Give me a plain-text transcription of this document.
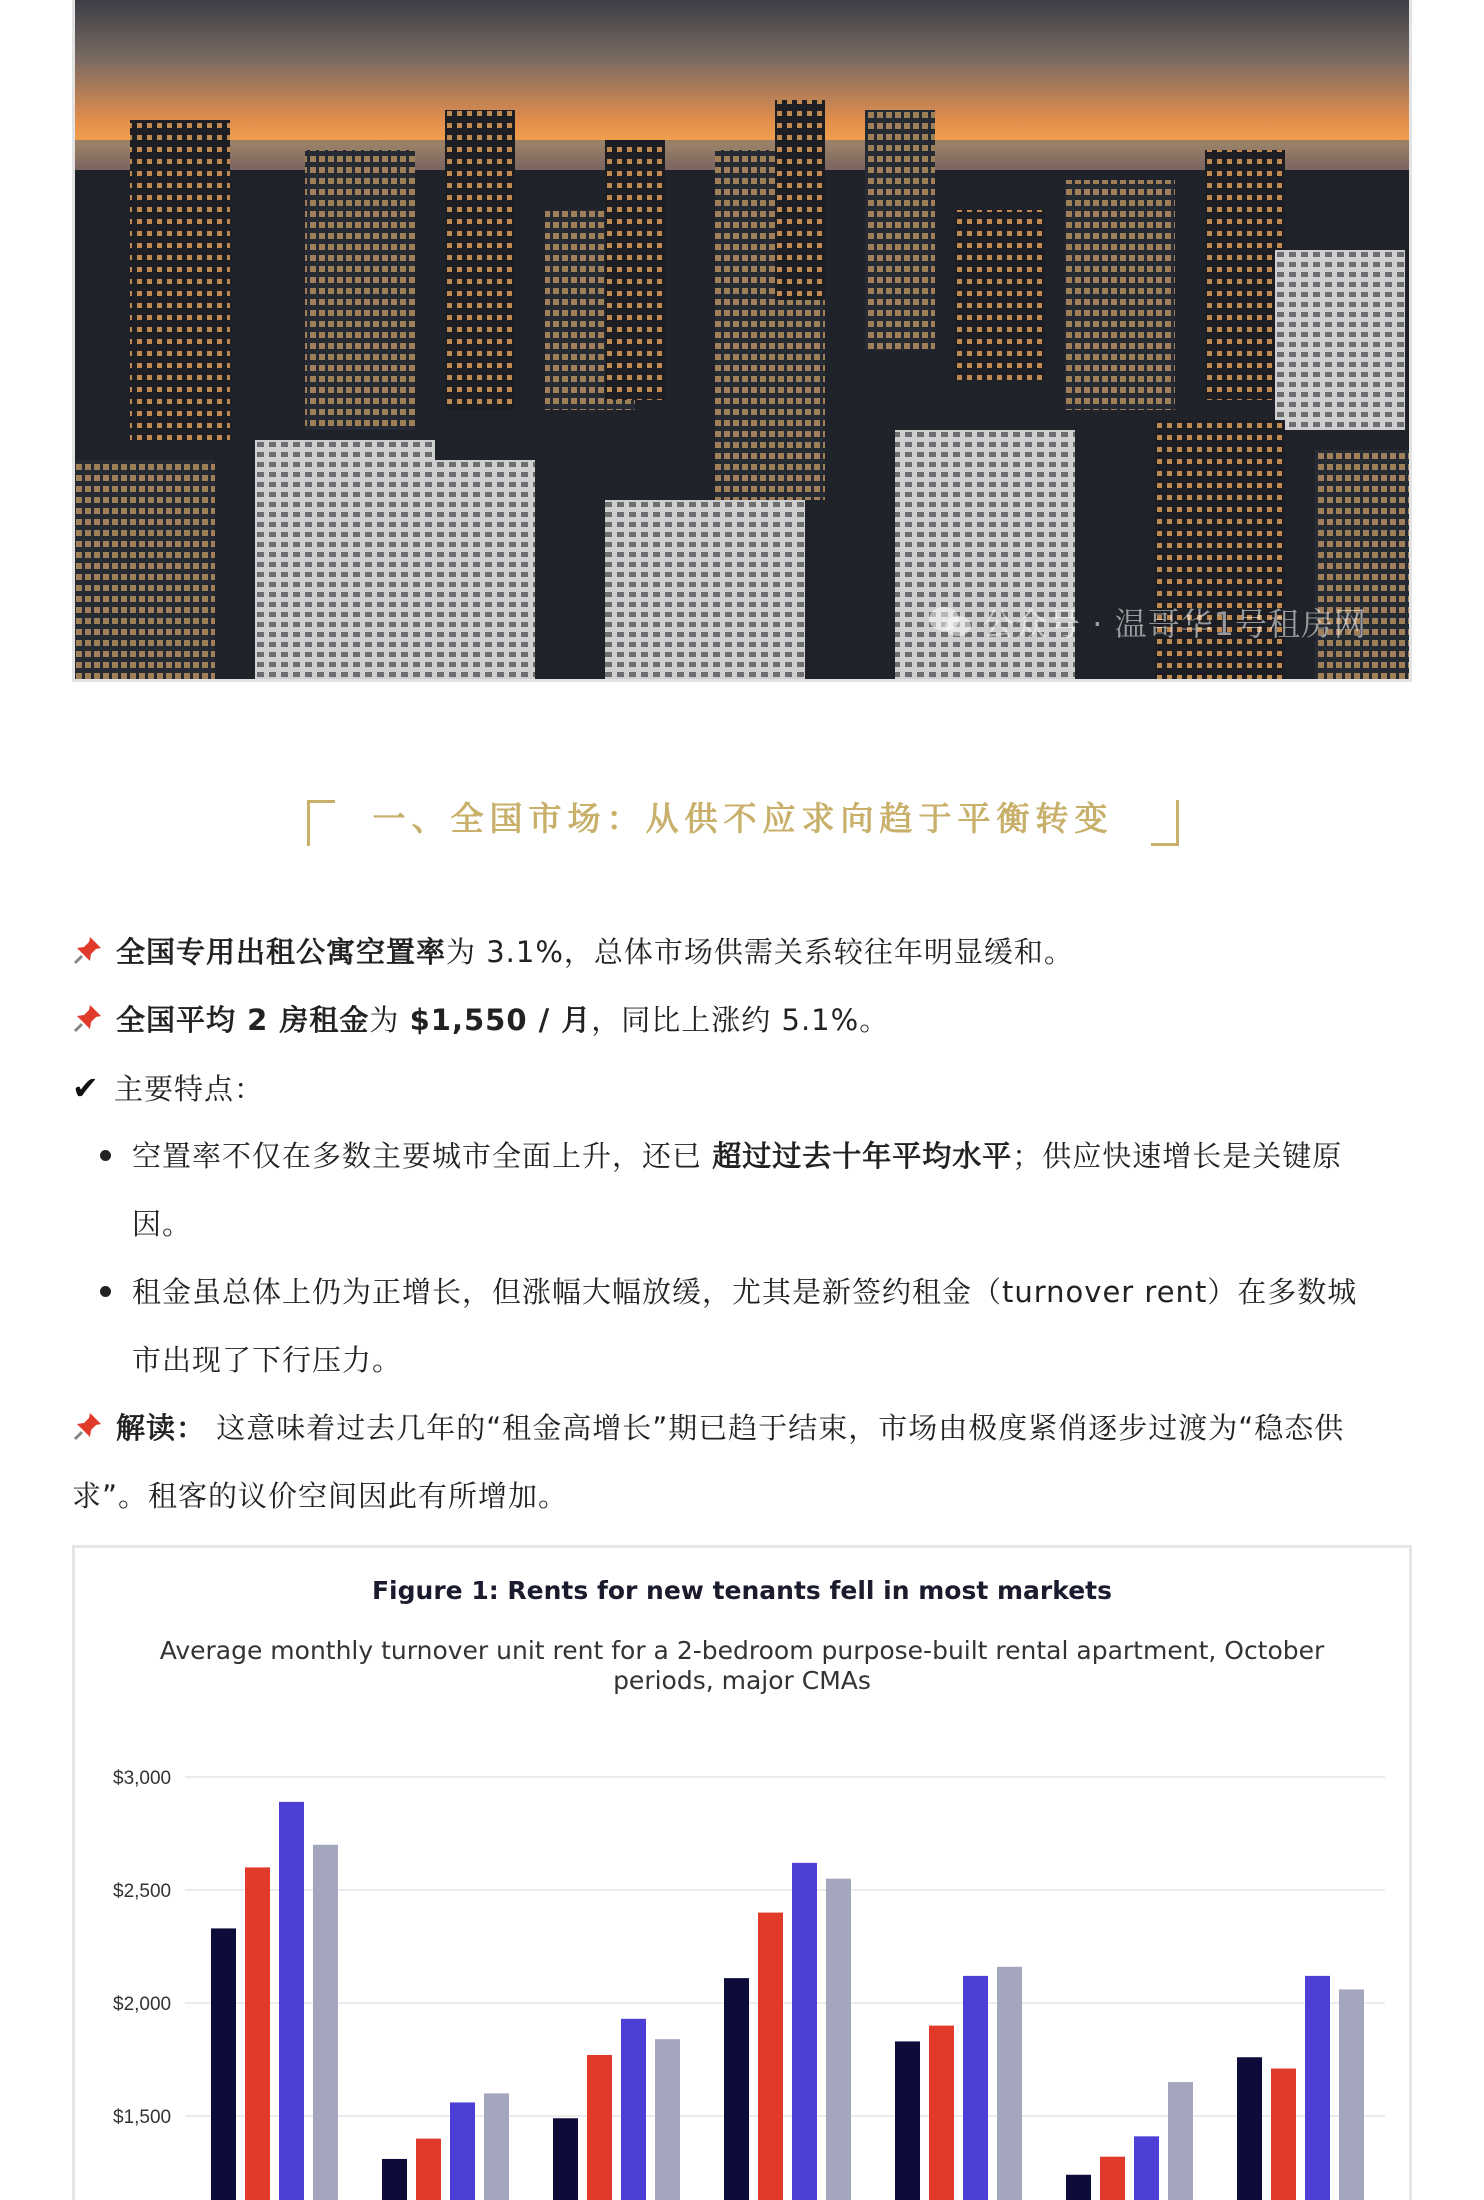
公众号 · 温哥华1号租房网
一、全国市场：从供不应求向趋于平衡转变
全国专用出租公寓空置率为 3.1%，总体市场供需关系较往年明显缓和。
全国平均 2 房租金为 $1,550 / 月，同比上涨约 5.1%。
✔ 主要特点：
空置率不仅在多数主要城市全面上升，还已 超过过去十年平均水平；供应快速增长是关键原
因。
租金虽总体上仍为正增长，但涨幅大幅放缓，尤其是新签约租金（turnover rent）在多数城
市出现了下行压力。
解读： 这意味着过去几年的“租金高增长”期已趋于结束，市场由极度紧俏逐步过渡为“稳态供
求”。租客的议价空间因此有所增加。
Figure 1: Rents for new tenants fell in most markets
Average monthly turnover unit rent for a 2-bedroom purpose-built rental apartment, October periods, major CMAs
$3,000
$2,500
$2,000
$1,500
